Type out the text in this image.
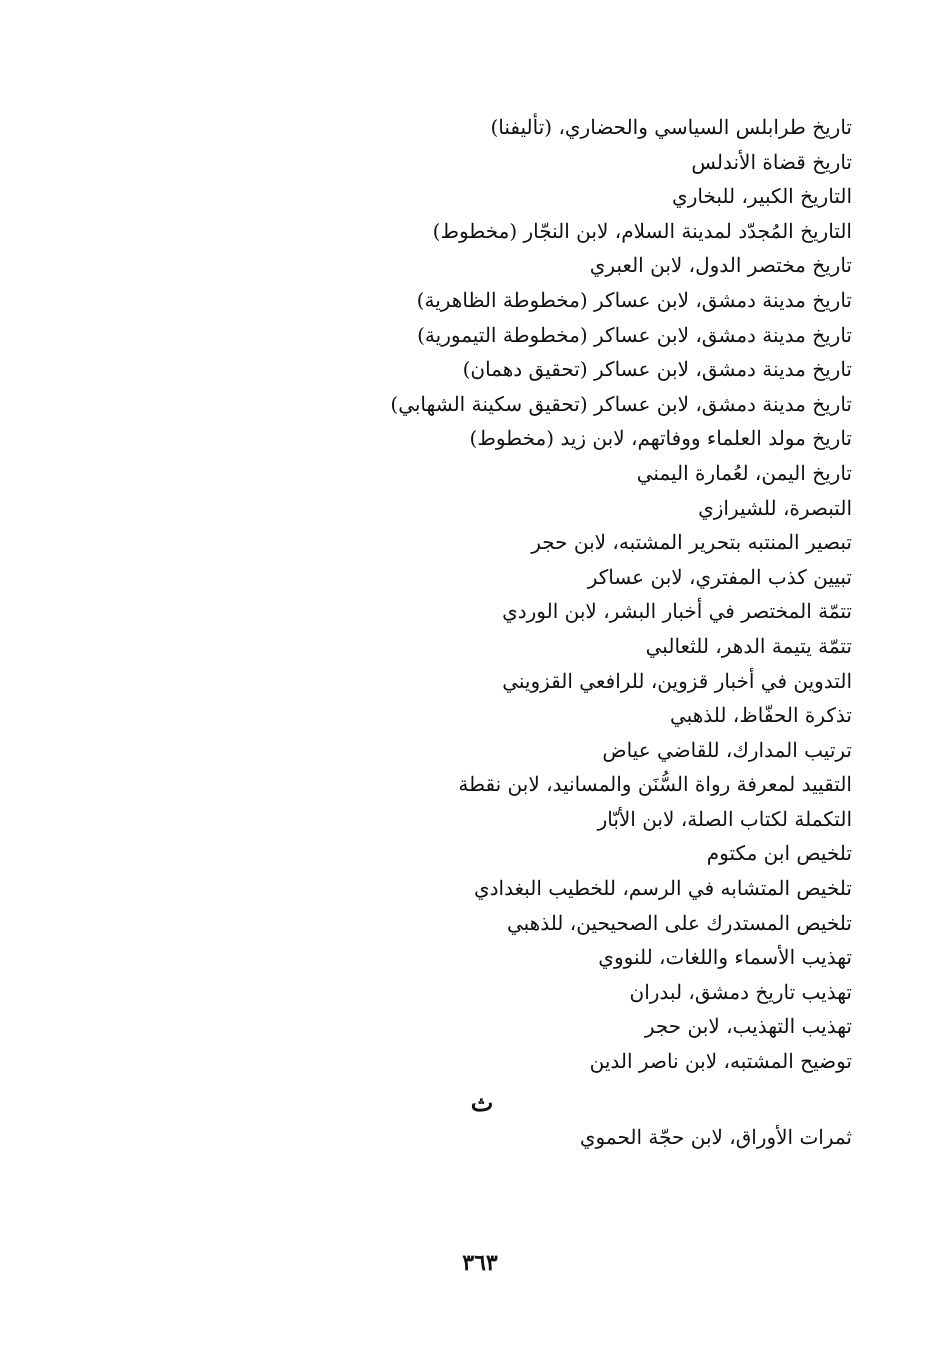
تاريخ طرابلس السياسي والحضاري، (تأليفنا)
تاريخ قضاة الأندلس
التاريخ الكبير، للبخاري
التاريخ المُجدّد لمدينة السلام، لابن النجّار (مخطوط)
تاريخ مختصر الدول، لابن العبري
تاريخ مدينة دمشق، لابن عساكر (مخطوطة الظاهرية)
تاريخ مدينة دمشق، لابن عساكر (مخطوطة التيمورية)
تاريخ مدينة دمشق، لابن عساكر (تحقيق دهمان)
تاريخ مدينة دمشق، لابن عساكر (تحقيق سكينة الشهابي)
تاريخ مولد العلماء ووفاتهم، لابن زيد (مخطوط)
تاريخ اليمن، لعُمارة اليمني
التبصرة، للشيرازي
تبصير المنتبه بتحرير المشتبه، لابن حجر
تبيين كذب المفتري، لابن عساكر
تتمّة المختصر في أخبار البشر، لابن الوردي
تتمّة يتيمة الدهر، للثعالبي
التدوين في أخبار قزوين، للرافعي القزويني
تذكرة الحفّاظ، للذهبي
ترتيب المدارك، للقاضي عياض
التقييد لمعرفة رواة السُّنَن والمسانيد، لابن نقطة
التكملة لكتاب الصلة، لابن الأبّار
تلخيص ابن مكتوم
تلخيص المتشابه في الرسم، للخطيب البغدادي
تلخيص المستدرك على الصحيحين، للذهبي
تهذيب الأسماء واللغات، للنووي
تهذيب تاريخ دمشق، لبدران
تهذيب التهذيب، لابن حجر
توضيح المشتبه، لابن ناصر الدين
ث
ثمرات الأوراق، لابن حجّة الحموي
٣٦٣
